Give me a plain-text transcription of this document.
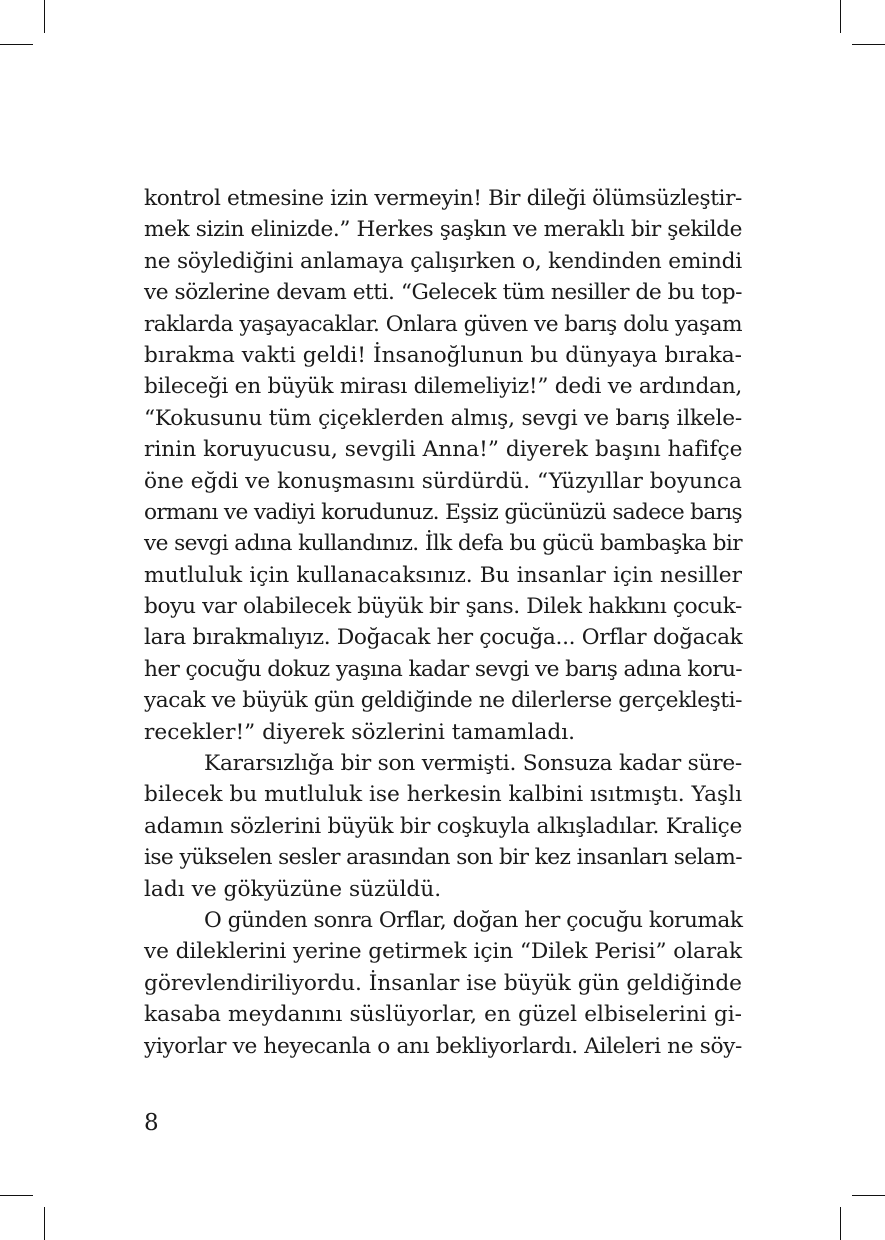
kontrol etmesine izin vermeyin! Bir dileği ölümsüzleştir-
mek sizin elinizde.” Herkes şaşkın ve meraklı bir şekilde
ne söylediğini anlamaya çalışırken o, kendinden emindi
ve sözlerine devam etti. “Gelecek tüm nesiller de bu top-
raklarda yaşayacaklar. Onlara güven ve barış dolu yaşam
bırakma vakti geldi! İnsanoğlunun bu dünyaya bıraka-
bileceği en büyük mirası dilemeliyiz!” dedi ve ardından,
“Kokusunu tüm çiçeklerden almış, sevgi ve barış ilkele-
rinin koruyucusu, sevgili Anna!” diyerek başını hafifçe
öne eğdi ve konuşmasını sürdürdü. “Yüzyıllar boyunca
ormanı ve vadiyi korudunuz. Eşsiz gücünüzü sadece barış
ve sevgi adına kullandınız. İlk defa bu gücü bambaşka bir
mutluluk için kullanacaksınız. Bu insanlar için nesiller
boyu var olabilecek büyük bir şans. Dilek hakkını çocuk-
lara bırakmalıyız. Doğacak her çocuğa... Orflar doğacak
her çocuğu dokuz yaşına kadar sevgi ve barış adına koru-
yacak ve büyük gün geldiğinde ne dilerlerse gerçekleşti-
recekler!” diyerek sözlerini tamamladı.
Kararsızlığa bir son vermişti. Sonsuza kadar süre-
bilecek bu mutluluk ise herkesin kalbini ısıtmıştı. Yaşlı
adamın sözlerini büyük bir coşkuyla alkışladılar. Kraliçe
ise yükselen sesler arasından son bir kez insanları selam-
ladı ve gökyüzüne süzüldü.
O günden sonra Orflar, doğan her çocuğu korumak
ve dileklerini yerine getirmek için “Dilek Perisi” olarak
görevlendiriliyordu. İnsanlar ise büyük gün geldiğinde
kasaba meydanını süslüyorlar, en güzel elbiselerini gi-
yiyorlar ve heyecanla o anı bekliyorlardı. Aileleri ne söy-
8
